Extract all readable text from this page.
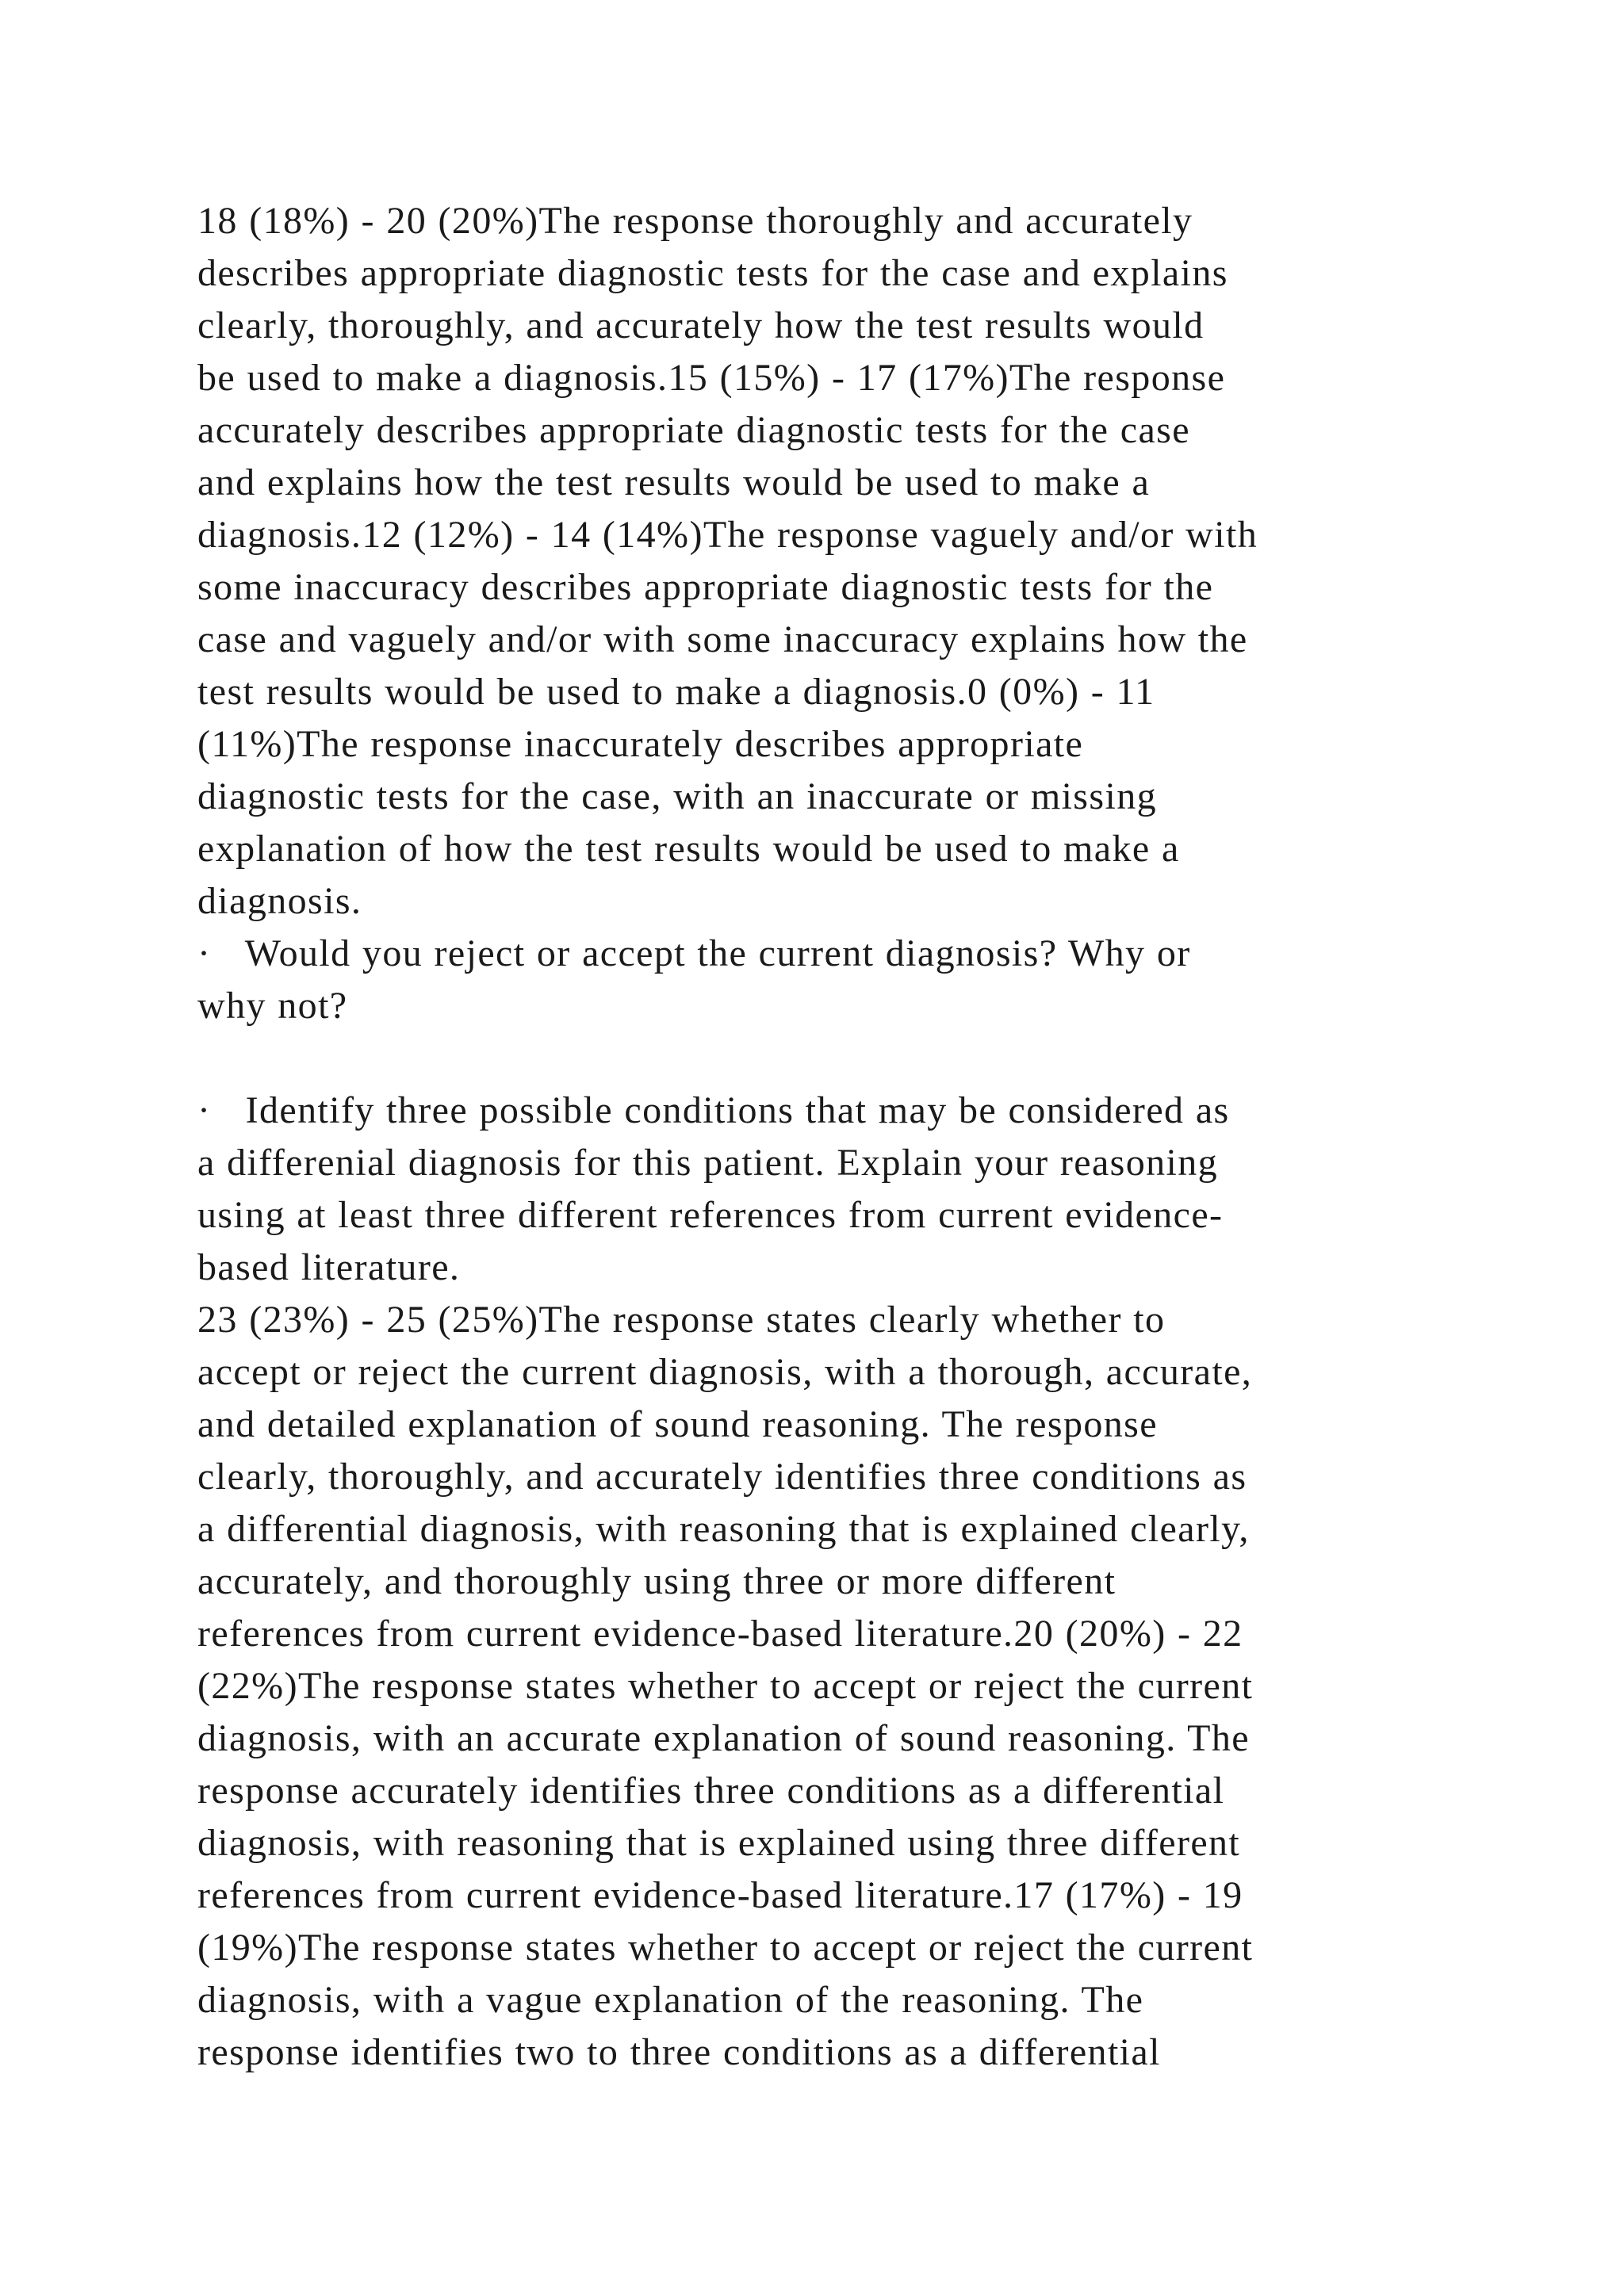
18 (18%) - 20 (20%)The response thoroughly and accurately
describes appropriate diagnostic tests for the case and explains
clearly, thoroughly, and accurately how the test results would
be used to make a diagnosis.15 (15%) - 17 (17%)The response
accurately describes appropriate diagnostic tests for the case
and explains how the test results would be used to make a
diagnosis.12 (12%) - 14 (14%)The response vaguely and/or with
some inaccuracy describes appropriate diagnostic tests for the
case and vaguely and/or with some inaccuracy explains how the
test results would be used to make a diagnosis.0 (0%) - 11
(11%)The response inaccurately describes appropriate
diagnostic tests for the case, with an inaccurate or missing
explanation of how the test results would be used to make a
diagnosis.
·   Would you reject or accept the current diagnosis? Why or
why not?
·   Identify three possible conditions that may be considered as
a differenial diagnosis for this patient. Explain your reasoning
using at least three different references from current evidence-
based literature.
23 (23%) - 25 (25%)The response states clearly whether to
accept or reject the current diagnosis, with a thorough, accurate,
and detailed explanation of sound reasoning. The response
clearly, thoroughly, and accurately identifies three conditions as
a differential diagnosis, with reasoning that is explained clearly,
accurately, and thoroughly using three or more different
references from current evidence-based literature.20 (20%) - 22
(22%)The response states whether to accept or reject the current
diagnosis, with an accurate explanation of sound reasoning. The
response accurately identifies three conditions as a differential
diagnosis, with reasoning that is explained using three different
references from current evidence-based literature.17 (17%) - 19
(19%)The response states whether to accept or reject the current
diagnosis, with a vague explanation of the reasoning. The
response identifies two to three conditions as a differential
